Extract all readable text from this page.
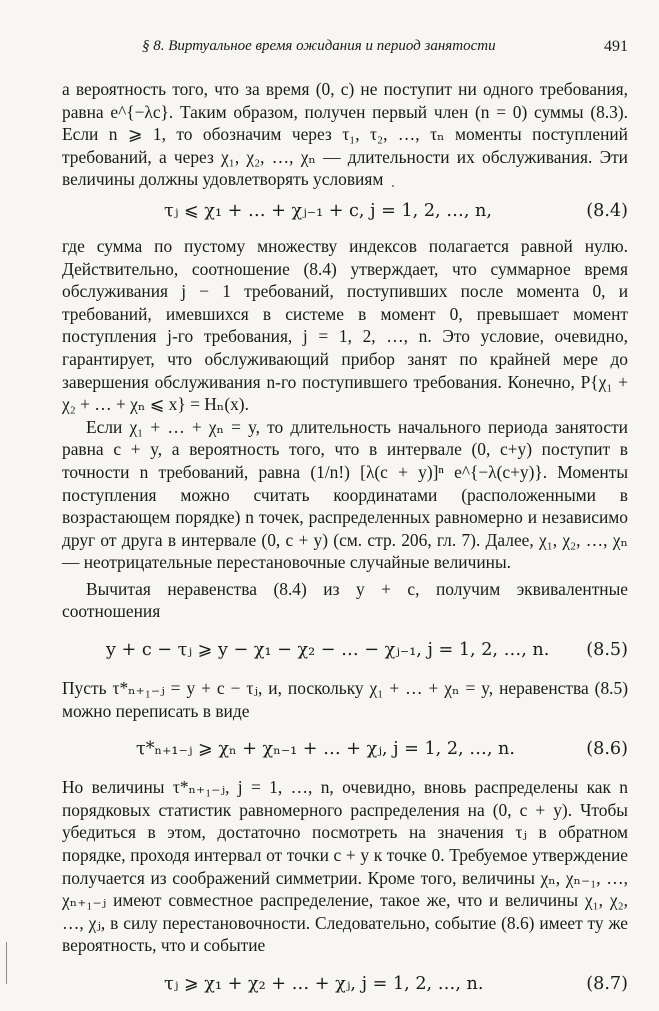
§ 8. Виртуальное время ожидания и период занятости	491

а вероятность того, что за время (0, c) не поступит ни одного требования, равна e^{−λc}. Таким образом, получен первый член (n = 0) суммы (8.3). Если n ⩾ 1, то обозначим через τ₁, τ₂, …, τₙ моменты поступлений требований, а через χ₁, χ₂, …, χₙ — длительности их обслуживания. Эти величины должны удовлетворять условиям

τⱼ ⩽ χ₁ + … + χⱼ₋₁ + c, j = 1, 2, …, n,	(8.4)

где сумма по пустому множеству индексов полагается равной нулю. Действительно, соотношение (8.4) утверждает, что суммарное время обслуживания j − 1 требований, поступивших после момента 0, и требований, имевшихся в системе в момент 0, превышает момент поступления j-го требования, j = 1, 2, …, n. Это условие, очевидно, гарантирует, что обслуживающий прибор занят по крайней мере до завершения обслуживания n-го поступившего требования. Конечно, P{χ₁ + χ₂ + … + χₙ ⩽ x} = Hₙ(x).

Если χ₁ + … + χₙ = y, то длительность начального периода занятости равна c + y, а вероятность того, что в интервале (0, c+y) поступит в точности n требований, равна (1/n!) [λ(c + y)]ⁿ e^{−λ(c+y)}. Моменты поступления можно считать координатами (расположенными в возрастающем порядке) n точек, распределенных равномерно и независимо друг от друга в интервале (0, c + y) (см. стр. 206, гл. 7). Далее, χ₁, χ₂, …, χₙ — неотрицательные перестановочные случайные величины.

Вычитая неравенства (8.4) из y + c, получим эквивалентные соотношения

y + c − τⱼ ⩾ y − χ₁ − χ₂ − … − χⱼ₋₁, j = 1, 2, …, n. (8.5)

Пусть τ*ₙ₊₁₋ⱼ = y + c − τⱼ, и, поскольку χ₁ + … + χₙ = y, неравенства (8.5) можно переписать в виде

τ*ₙ₊₁₋ⱼ ⩾ χₙ + χₙ₋₁ + … + χⱼ, j = 1, 2, …, n.	(8.6)

Но величины τ*ₙ₊₁₋ⱼ, j = 1, …, n, очевидно, вновь распределены как n порядковых статистик равномерного распределения на (0, c + y). Чтобы убедиться в этом, достаточно посмотреть на значения τⱼ в обратном порядке, проходя интервал от точки c + y к точке 0. Требуемое утверждение получается из соображений симметрии. Кроме того, величины χₙ, χₙ₋₁, …, χₙ₊₁₋ⱼ имеют совместное распределение, такое же, что и величины χ₁, χ₂, …, χⱼ, в силу перестановочности. Следовательно, событие (8.6) имеет ту же вероятность, что и событие

τⱼ ⩾ χ₁ + χ₂ + … + χⱼ, j = 1, 2, …, n.	(8.7)
